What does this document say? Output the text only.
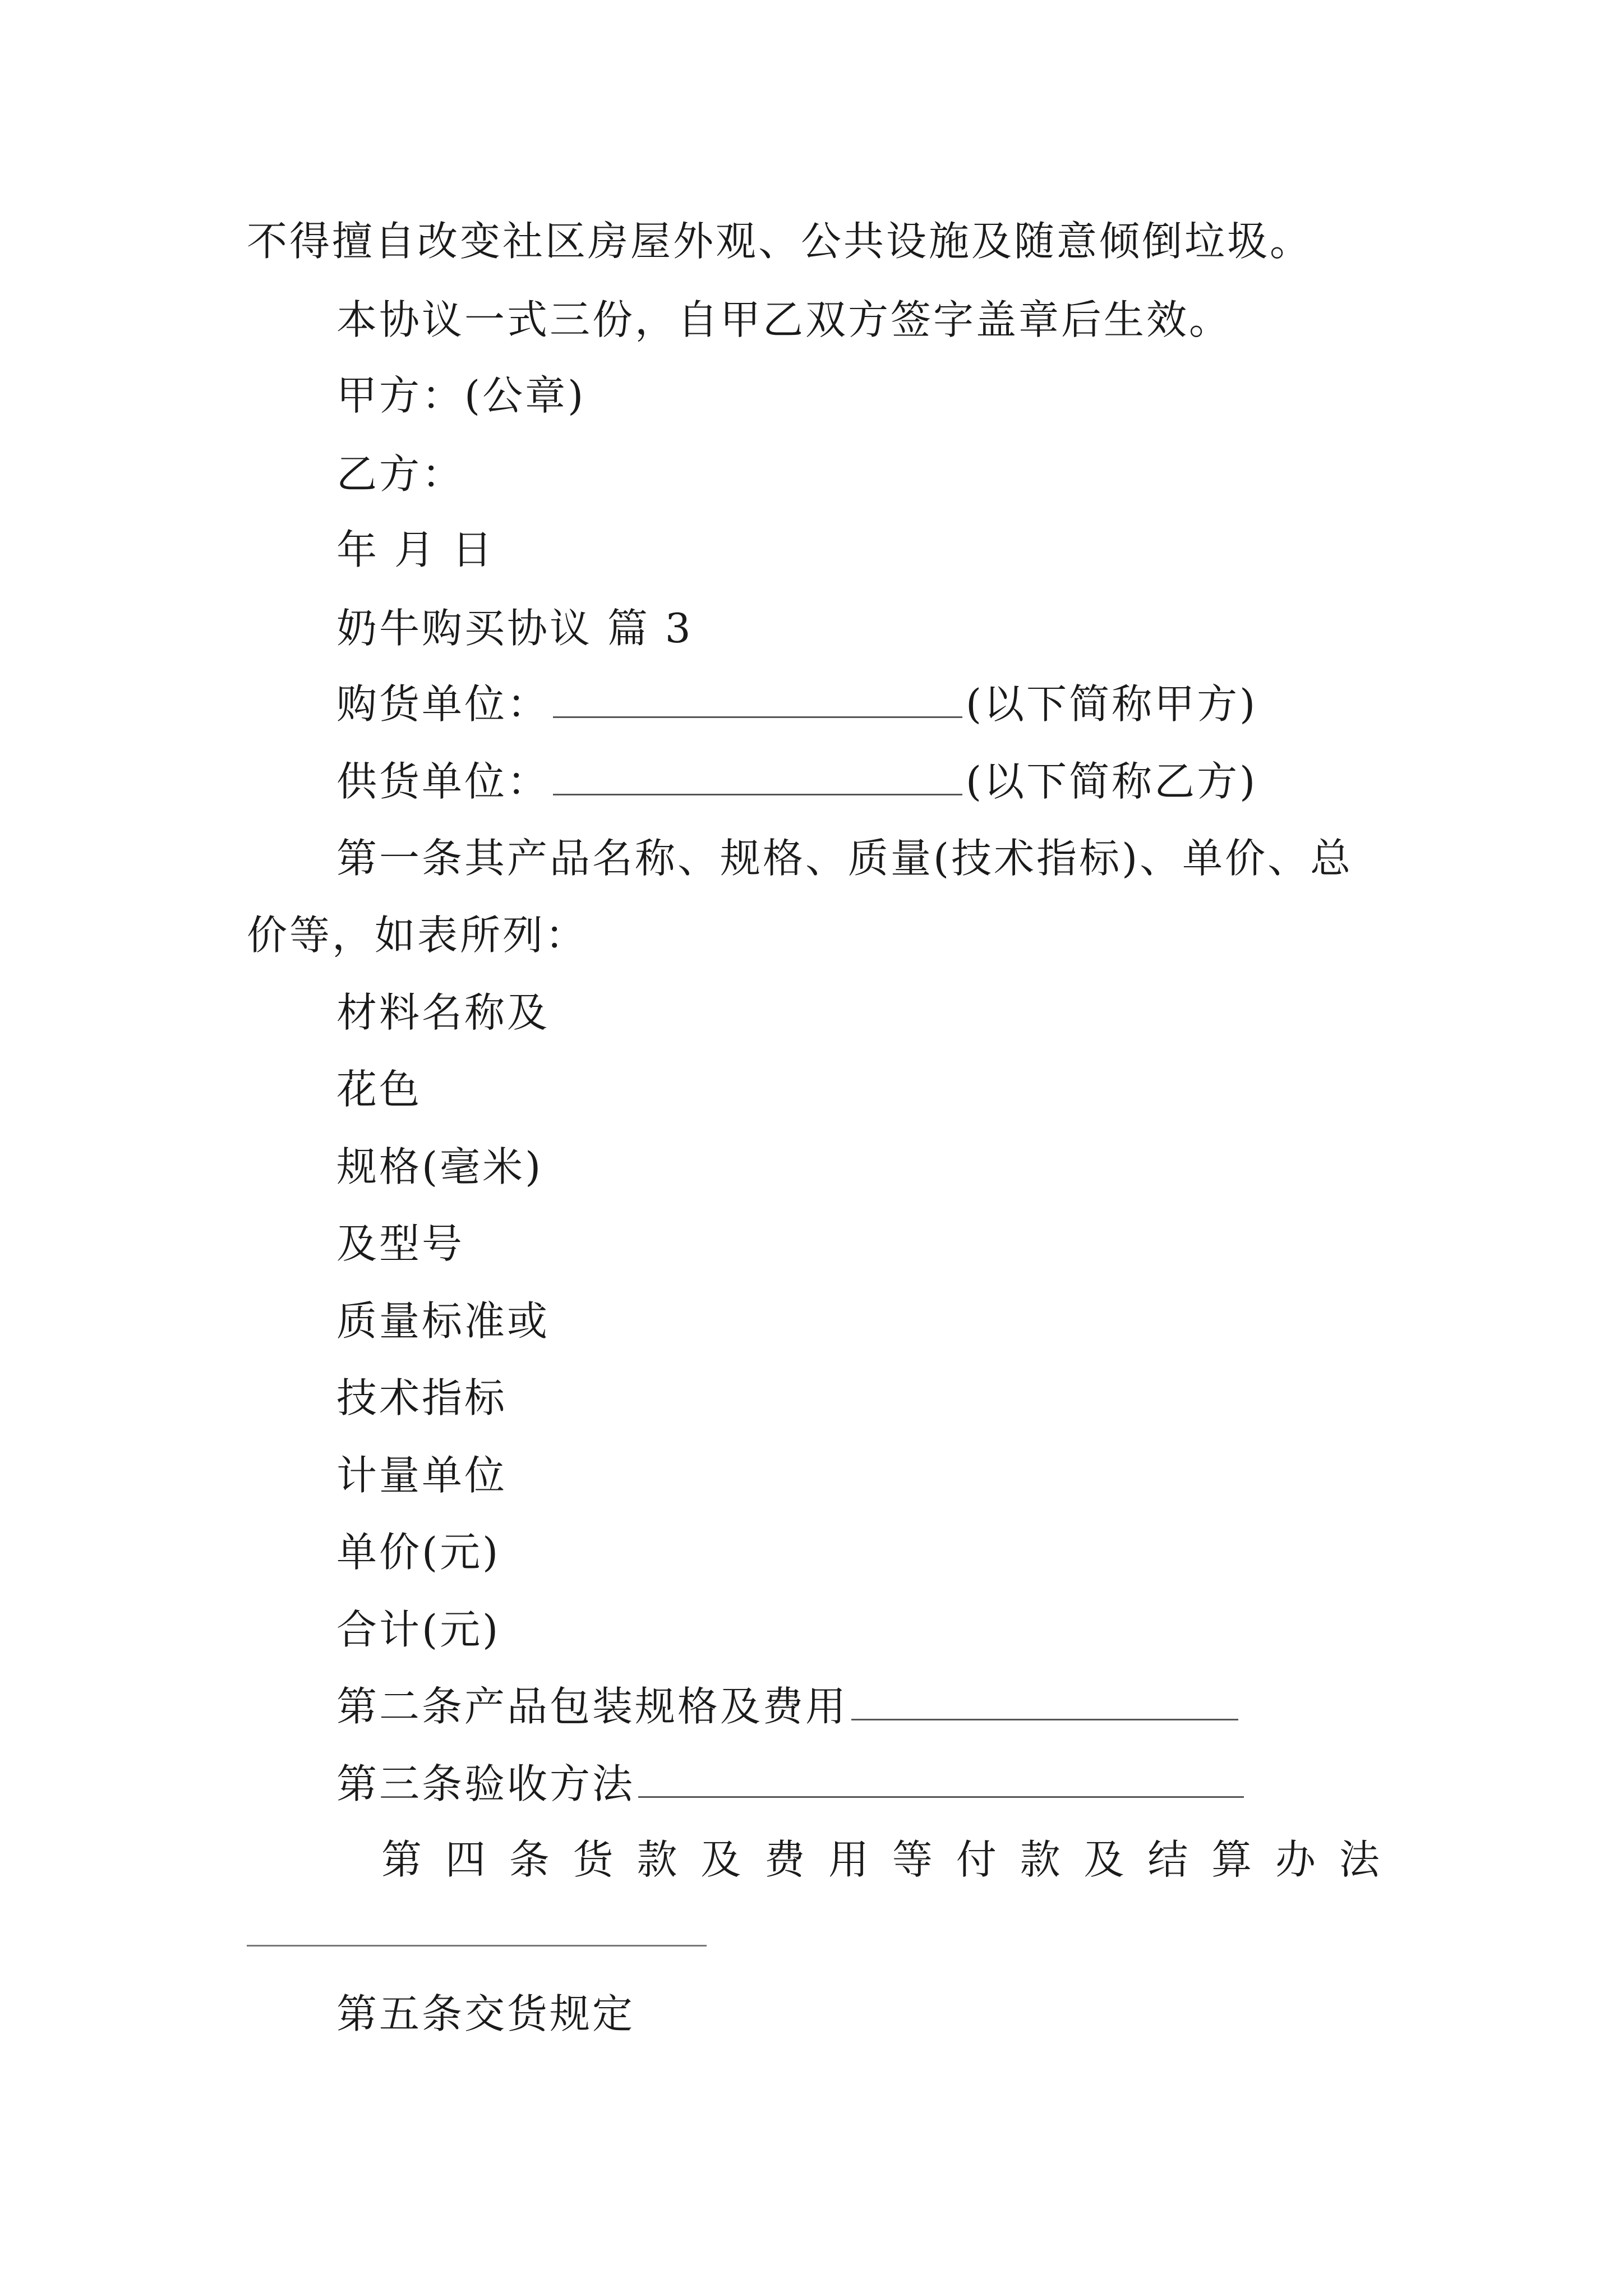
不得擅自改变社区房屋外观、公共设施及随意倾倒垃圾。
本协议一式三份，自甲乙双方签字盖章后生效。
甲方：(公章)
乙方：
年 月 日
奶牛购买协议 篇 3
购货单位：	(以下简称甲方)
供货单位：	(以下简称乙方)
第一条其产品名称、规格、质量(技术指标)、单价、总
价等，如表所列：
材料名称及
花色
规格(毫米)
及型号
质量标准或
技术指标
计量单位
单价(元)
合计(元)
第二条产品包装规格及费用
第三条验收方法
第 四 条 货 款 及 费 用 等 付 款 及 结 算 办 法
第五条交货规定
